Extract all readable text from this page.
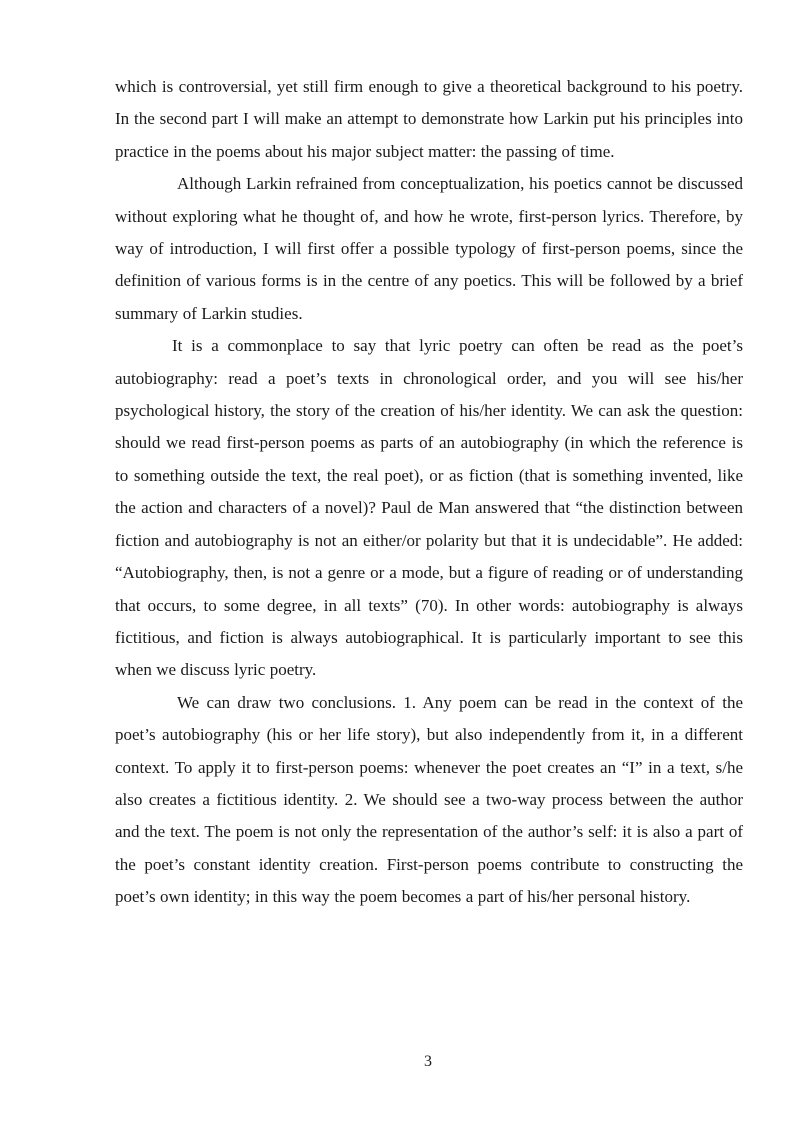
which is controversial, yet still firm enough to give a theoretical background to his poetry. In the second part I will make an attempt to demonstrate how Larkin put his principles into practice in the poems about his major subject matter: the passing of time.

Although Larkin refrained from conceptualization, his poetics cannot be discussed without exploring what he thought of, and how he wrote, first-person lyrics. Therefore, by way of introduction, I will first offer a possible typology of first-person poems, since the definition of various forms is in the centre of any poetics. This will be followed by a brief summary of Larkin studies.

It is a commonplace to say that lyric poetry can often be read as the poet’s autobiography: read a poet’s texts in chronological order, and you will see his/her psychological history, the story of the creation of his/her identity. We can ask the question: should we read first-person poems as parts of an autobiography (in which the reference is to something outside the text, the real poet), or as fiction (that is something invented, like the action and characters of a novel)? Paul de Man answered that “the distinction between fiction and autobiography is not an either/or polarity but that it is undecidable”. He added: “Autobiography, then, is not a genre or a mode, but a figure of reading or of understanding that occurs, to some degree, in all texts” (70). In other words: autobiography is always fictitious, and fiction is always autobiographical. It is particularly important to see this when we discuss lyric poetry.

We can draw two conclusions. 1. Any poem can be read in the context of the poet’s autobiography (his or her life story), but also independently from it, in a different context. To apply it to first-person poems: whenever the poet creates an “I” in a text, s/he also creates a fictitious identity. 2. We should see a two-way process between the author and the text. The poem is not only the representation of the author’s self: it is also a part of the poet’s constant identity creation. First-person poems contribute to constructing the poet’s own identity; in this way the poem becomes a part of his/her personal history.

3
